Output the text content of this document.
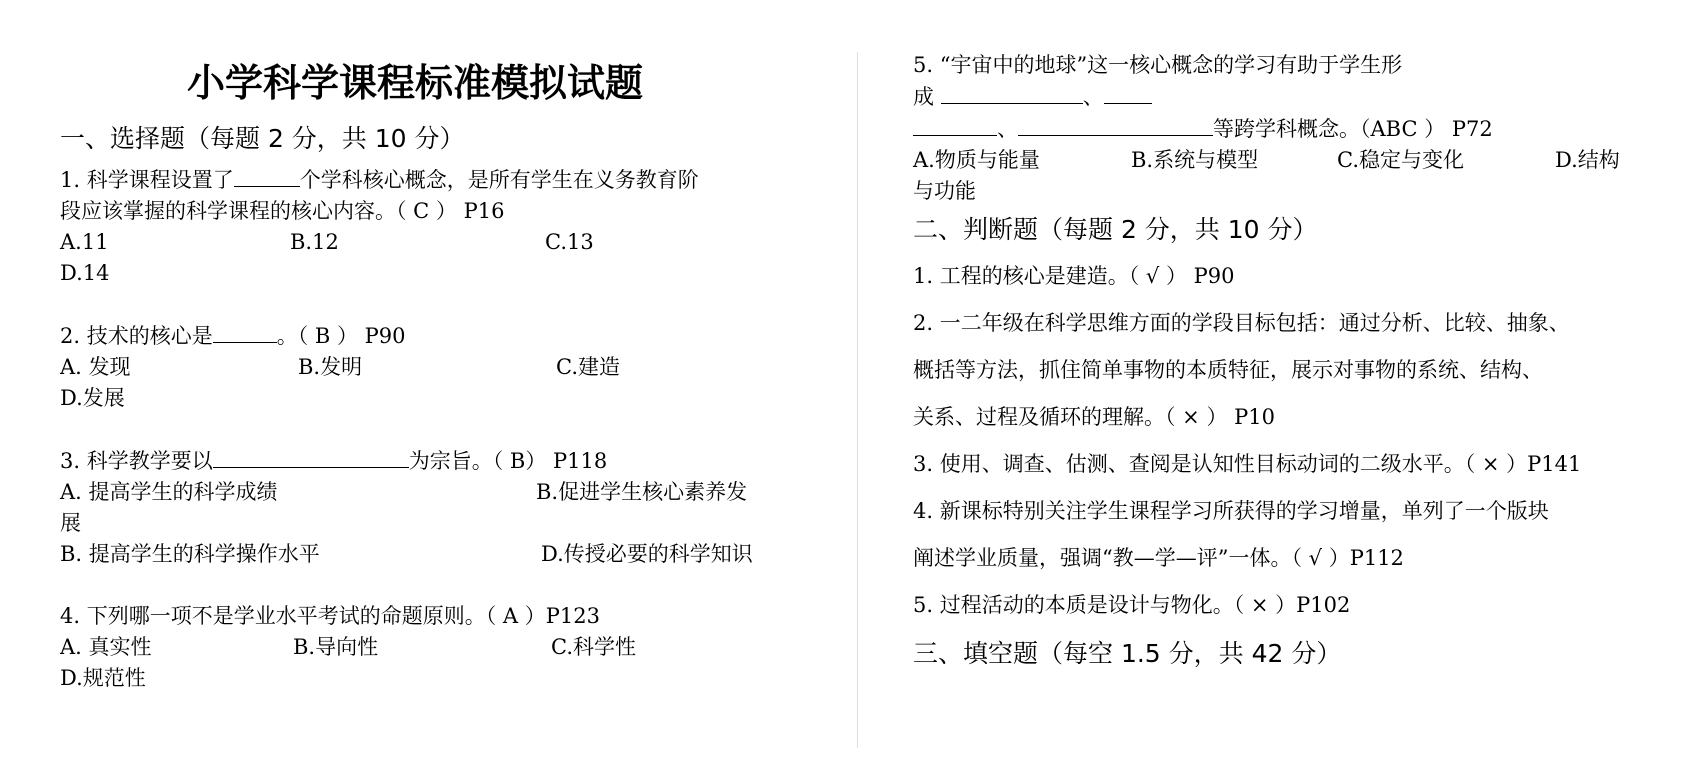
小学科学课程标准模拟试题
一、选择题（每题 2 分，共 10 分）
1. 科学课程设置了	个学科核心概念，是所有学生在义务教育阶
段应该掌握的科学课程的核心内容。（ C ） P16
A.11	B.12	C.13
D.14
2. 技术的核心是	。（ B ） P90
A. 发现	B.发明	C.建造
D.发展
3. 科学教学要以	为宗旨。（ B） P118
A. 提高学生的科学成绩	B.促进学生核心素养发
展
B. 提高学生的科学操作水平	D.传授必要的科学知识
4. 下列哪一项不是学业水平考试的命题原则。（ A ）P123
A. 真实性	B.导向性	C.科学性
D.规范性
5. “宇宙中的地球”这一核心概念的学习有助于学生形
成	、
、	等跨学科概念。（ABC ） P72
A.物质与能量	B.系统与模型	C.稳定与变化	D.结构
与功能
二、判断题（每题 2 分，共 10 分）
1. 工程的核心是建造。（ √ ） P90
2. 一二年级在科学思维方面的学段目标包括：通过分析、比较、抽象、
概括等方法，抓住简单事物的本质特征，展示对事物的系统、结构、
关系、过程及循环的理解。（ × ） P10
3. 使用、调查、估测、查阅是认知性目标动词的二级水平。（ × ）P141
4. 新课标特别关注学生课程学习所获得的学习增量，单列了一个版块
阐述学业质量，强调“教—学—评”一体。（ √ ）P112
5. 过程活动的本质是设计与物化。（ × ）P102
三、填空题（每空 1.5 分，共 42 分）
